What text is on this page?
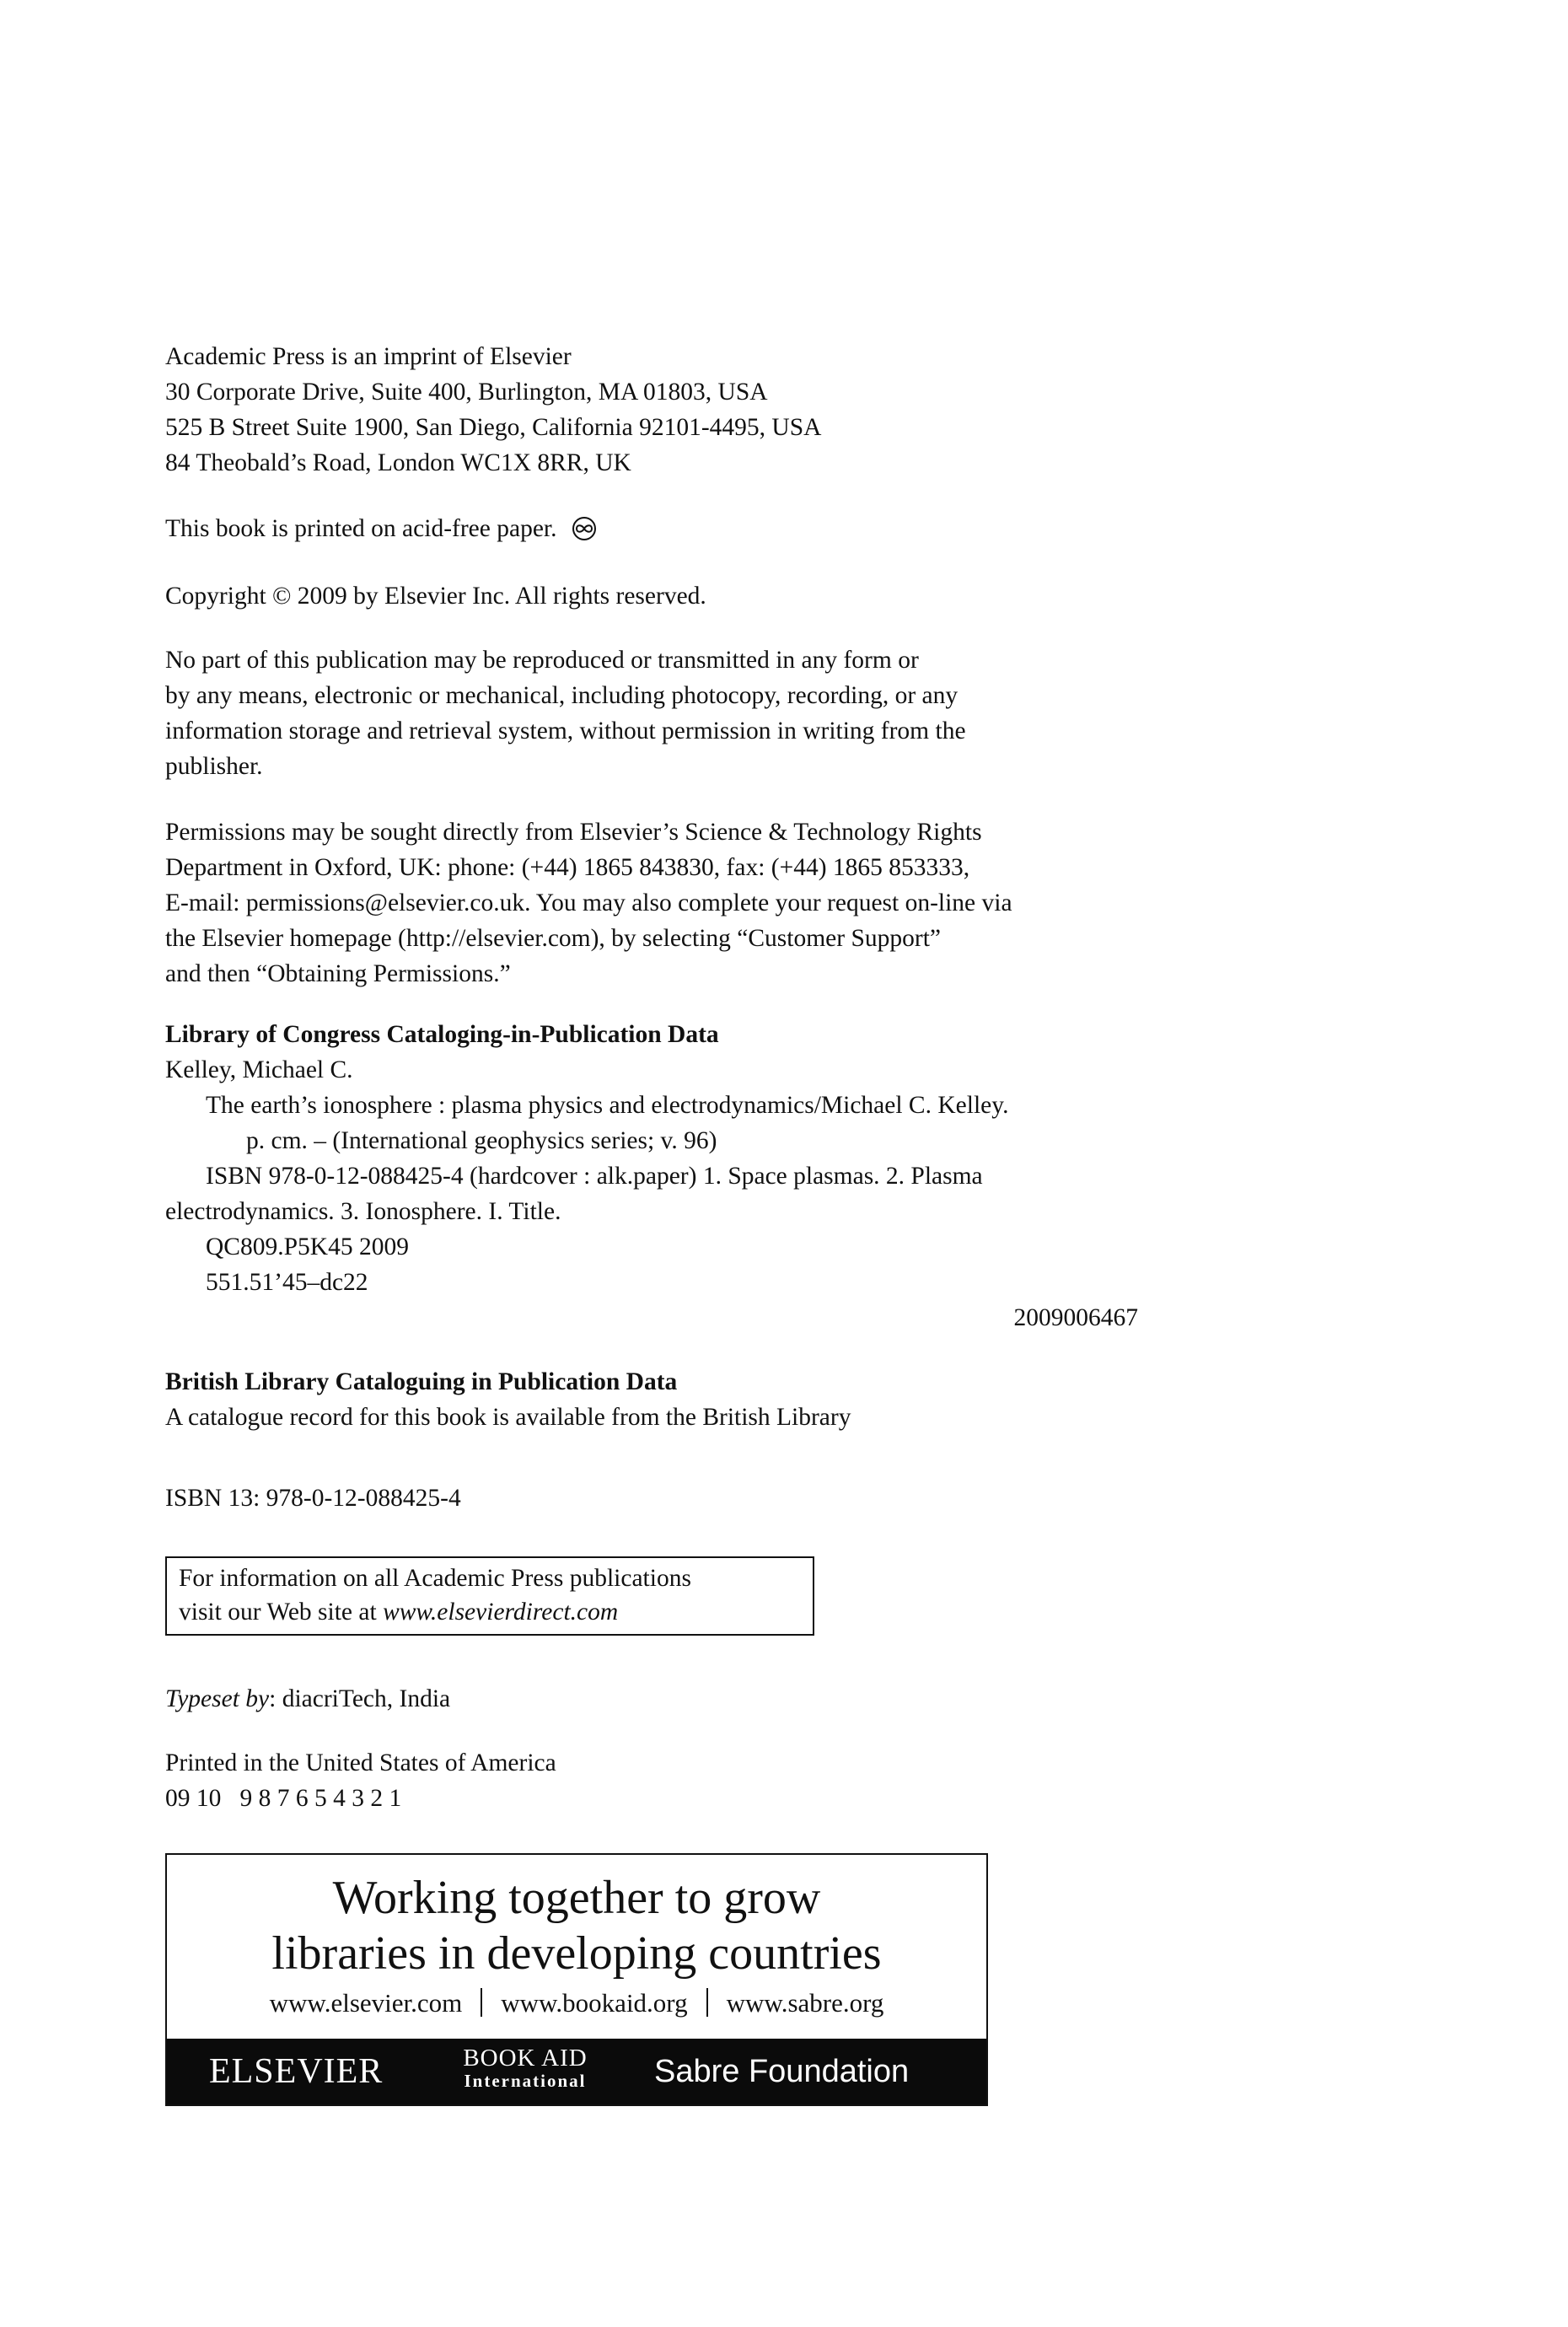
Academic Press is an imprint of Elsevier
30 Corporate Drive, Suite 400, Burlington, MA 01803, USA
525 B Street Suite 1900, San Diego, California 92101-4495, USA
84 Theobald’s Road, London WC1X 8RR, UK
This book is printed on acid-free paper.
Copyright © 2009 by Elsevier Inc. All rights reserved.
No part of this publication may be reproduced or transmitted in any form or
by any means, electronic or mechanical, including photocopy, recording, or any
information storage and retrieval system, without permission in writing from the
publisher.
Permissions may be sought directly from Elsevier’s Science & Technology Rights
Department in Oxford, UK: phone: (+44) 1865 843830, fax: (+44) 1865 853333,
E-mail: permissions@elsevier.co.uk. You may also complete your request on-line via
the Elsevier homepage (http://elsevier.com), by selecting “Customer Support”
and then “Obtaining Permissions.”
Library of Congress Cataloging-in-Publication Data
Kelley, Michael C.
The earth’s ionosphere : plasma physics and electrodynamics/Michael C. Kelley.
p. cm. – (International geophysics series; v. 96)
ISBN 978-0-12-088425-4 (hardcover : alk.paper) 1. Space plasmas. 2. Plasma
electrodynamics. 3. Ionosphere. I. Title.
QC809.P5K45 2009
551.51’45–dc22
2009006467
British Library Cataloguing in Publication Data
A catalogue record for this book is available from the British Library
ISBN 13: 978-0-12-088425-4
For information on all Academic Press publications
visit our Web site at www.elsevierdirect.com
Typeset by: diacriTech, India
Printed in the United States of America
09 10   9 8 7 6 5 4 3 2 1
Working together to grow
libraries in developing countries
www.elsevier.com www.bookaid.org www.sabre.org
ELSEVIER	BOOK AID
International	Sabre Foundation
